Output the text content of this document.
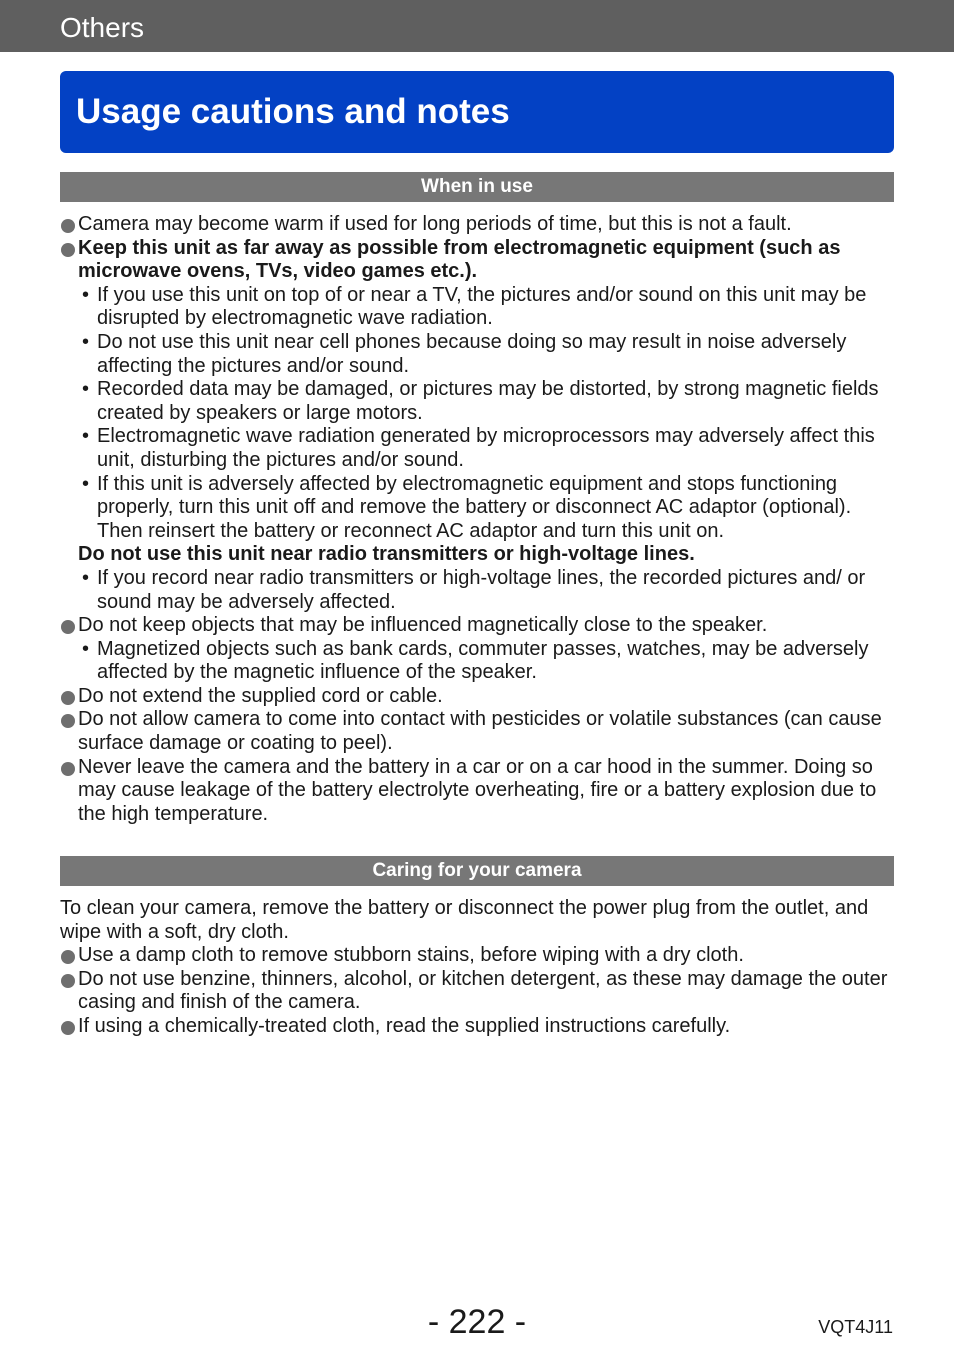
Others
Usage cautions and notes
When in use

Camera may become warm if used for long periods of time, but this is not a fault.

Keep this unit as far away as possible from electromagnetic equipment (such as microwave ovens, TVs, video games etc.).

• If you use this unit on top of or near a TV, the pictures and/or sound on this unit may be disrupted by electromagnetic wave radiation.

• Do not use this unit near cell phones because doing so may result in noise adversely affecting the pictures and/or sound.

• Recorded data may be damaged, or pictures may be distorted, by strong magnetic fields created by speakers or large motors.

• Electromagnetic wave radiation generated by microprocessors may adversely affect this unit, disturbing the pictures and/or sound.

• If this unit is adversely affected by electromagnetic equipment and stops functioning properly, turn this unit off and remove the battery or disconnect AC adaptor (optional). Then reinsert the battery or reconnect AC adaptor and turn this unit on.

Do not use this unit near radio transmitters or high-voltage lines.

• If you record near radio transmitters or high-voltage lines, the recorded pictures and/ or sound may be adversely affected.

Do not keep objects that may be influenced magnetically close to the speaker.

• Magnetized objects such as bank cards, commuter passes, watches, may be adversely affected by the magnetic influence of the speaker.

Do not extend the supplied cord or cable.

Do not allow camera to come into contact with pesticides or volatile substances (can cause surface damage or coating to peel).

Never leave the camera and the battery in a car or on a car hood in the summer. Doing so may cause leakage of the battery electrolyte overheating, fire or a battery explosion due to the high temperature.

Caring for your camera

To clean your camera, remove the battery or disconnect the power plug from the outlet, and wipe with a soft, dry cloth.

Use a damp cloth to remove stubborn stains, before wiping with a dry cloth.

Do not use benzine, thinners, alcohol, or kitchen detergent, as these may damage the outer casing and finish of the camera.

If using a chemically-treated cloth, read the supplied instructions carefully.

- 222 -	VQT4J11
